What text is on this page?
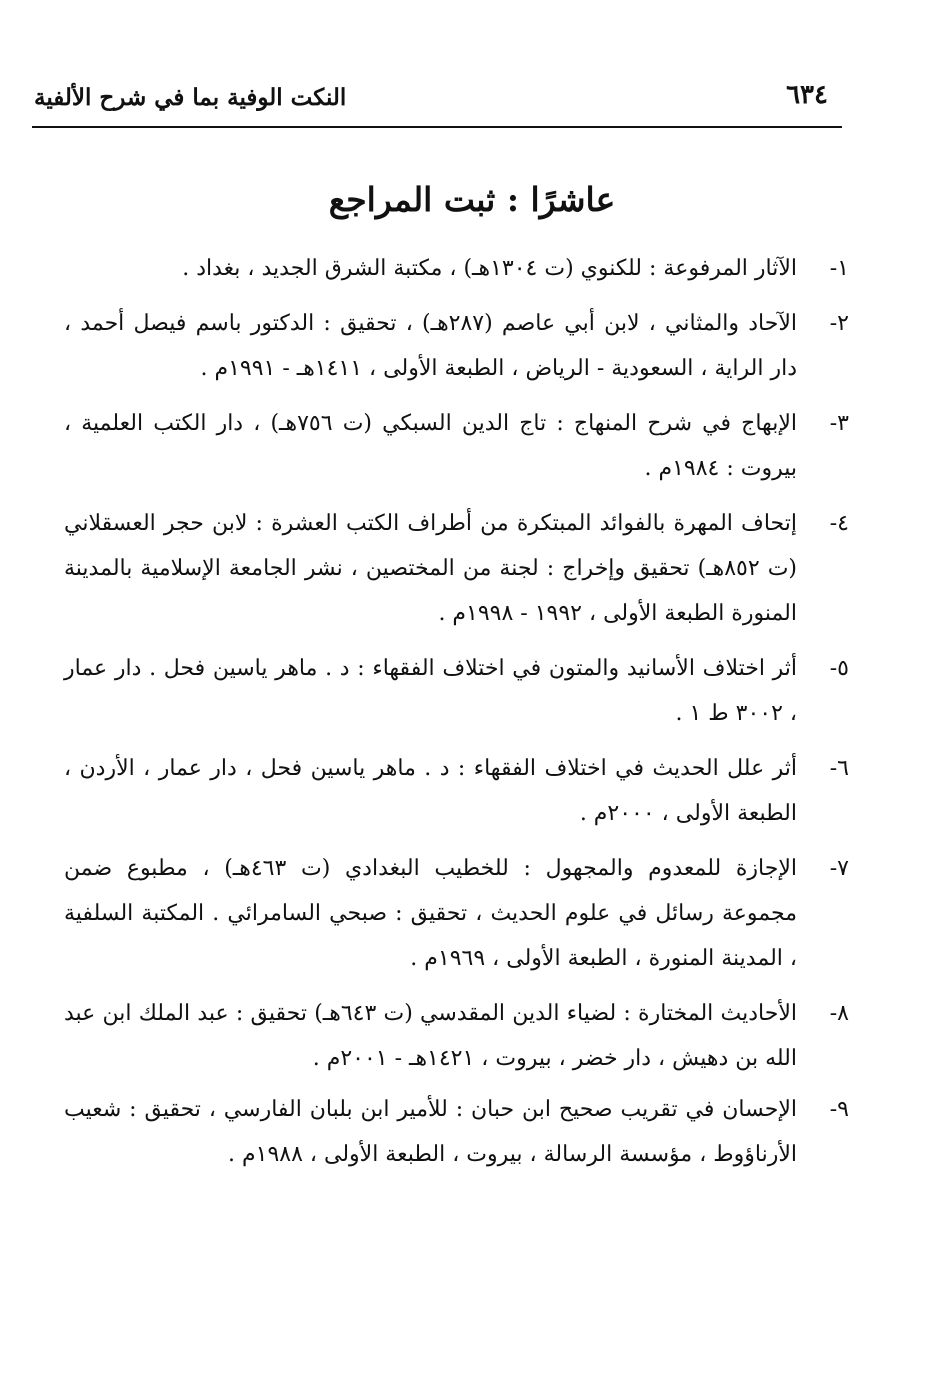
٦٣٤
النكت الوفية بما في شرح الألفية
عاشرًا : ثبت المراجع
١-
الآثار المرفوعة : للكنوي (ت ١٣٠٤هـ) ، مكتبة الشرق الجديد ، بغداد .
٢-
الآحاد والمثاني ، لابن أبي عاصم (٢٨٧هـ) ، تحقيق : الدكتور باسم فيصل أحمد ، دار الراية ، السعودية - الرياض ، الطبعة الأولى ، ١٤١١هـ - ١٩٩١م .
٣-
الإبهاج في شرح المنهاج : تاج الدين السبكي (ت ٧٥٦هـ) ، دار الكتب العلمية ، بيروت : ١٩٨٤م .
٤-
إتحاف المهرة بالفوائد المبتكرة من أطراف الكتب العشرة : لابن حجر العسقلاني (ت ٨٥٢هـ) تحقيق وإخراج : لجنة من المختصين ، نشر الجامعة الإسلامية بالمدينة المنورة الطبعة الأولى ، ١٩٩٢ - ١٩٩٨م .
٥-
أثر اختلاف الأسانيد والمتون في اختلاف الفقهاء : د . ماهر ياسين فحل . دار عمار ، ٣٠٠٢ ط ١ .
٦-
أثر علل الحديث في اختلاف الفقهاء : د . ماهر ياسين فحل ، دار عمار ، الأردن ، الطبعة الأولى ، ٢٠٠٠م .
٧-
الإجازة للمعدوم والمجهول : للخطيب البغدادي (ت ٤٦٣هـ) ، مطبوع ضمن مجموعة رسائل في علوم الحديث ، تحقيق : صبحي السامرائي . المكتبة السلفية ، المدينة المنورة ، الطبعة الأولى ، ١٩٦٩م .
٨-
الأحاديث المختارة : لضياء الدين المقدسي (ت ٦٤٣هـ) تحقيق : عبد الملك ابن عبد الله بن دهيش ، دار خضر ، بيروت ، ١٤٢١هـ - ٢٠٠١م .
٩-
الإحسان في تقريب صحيح ابن حبان : للأمير ابن بلبان الفارسي ، تحقيق : شعيب الأرناؤوط ، مؤسسة الرسالة ، بيروت ، الطبعة الأولى ، ١٩٨٨م .
